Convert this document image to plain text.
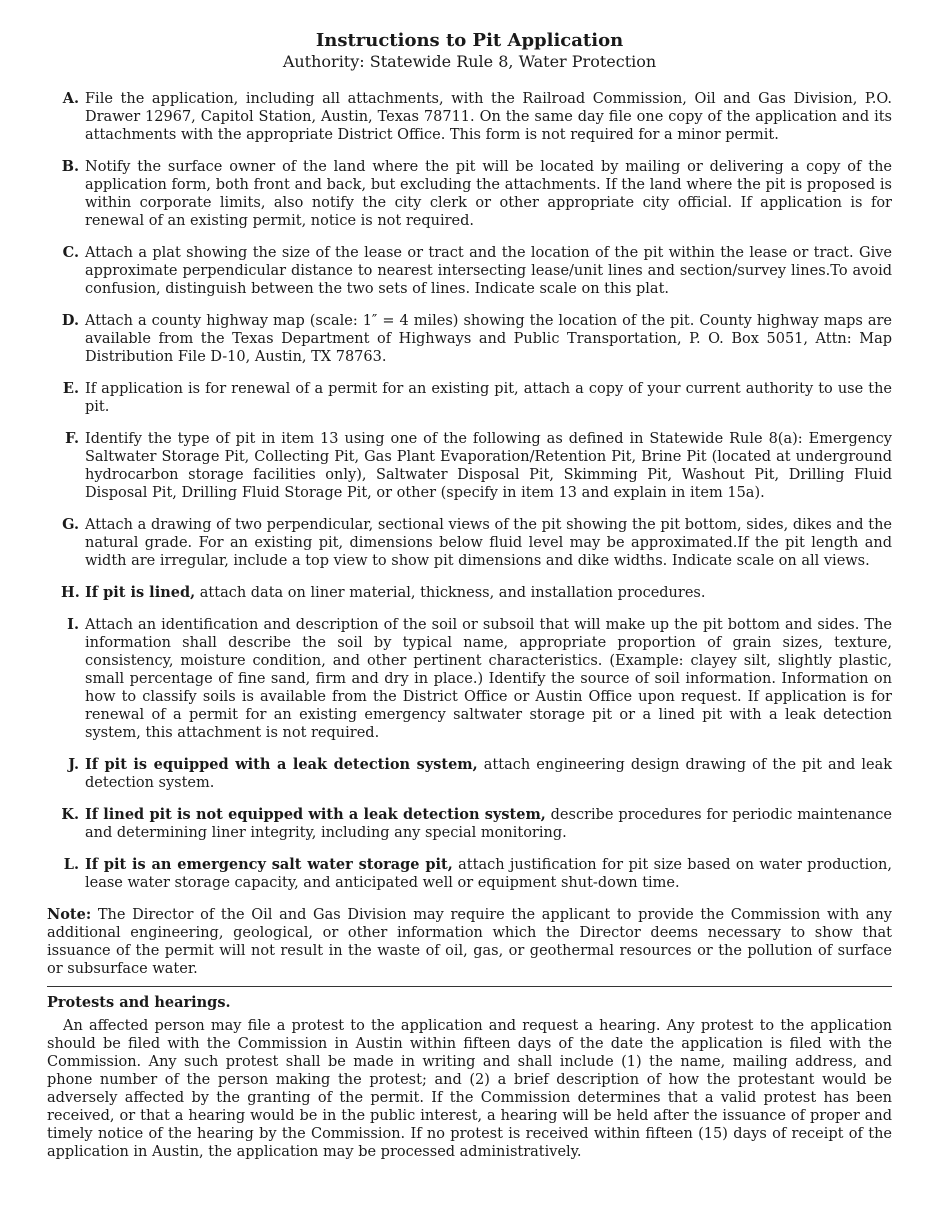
Instructions to Pit Application
Authority: Statewide Rule 8, Water Protection
A. File the application, including all attachments, with the Railroad Commission, Oil and Gas Division, P.O. Drawer 12967, Capitol Station, Austin, Texas 78711. On the same day file one copy of the application and its attachments with the appropriate District Office. This form is not required for a minor permit.
B. Notify the surface owner of the land where the pit will be located by mailing or delivering a copy of the application form, both front and back, but excluding the attachments. If the land where the pit is proposed is within corporate limits, also notify the city clerk or other appropriate city official. If application is for renewal of an existing permit, notice is not required.
C. Attach a plat showing the size of the lease or tract and the location of the pit within the lease or tract. Give approximate perpendicular distance to nearest intersecting lease/unit lines and section/survey lines.To avoid confusion, distinguish between the two sets of lines. Indicate scale on this plat.
D. Attach a county highway map (scale: 1″ = 4 miles) showing the location of the pit. County highway maps are available from the Texas Department of Highways and Public Transportation, P. O. Box 5051, Attn: Map Distribution File D-10, Austin, TX 78763.
E. If application is for renewal of a permit for an existing pit, attach a copy of your current authority to use the pit.
F. Identify the type of pit in item 13 using one of the following as defined in Statewide Rule 8(a): Emergency Saltwater Storage Pit, Collecting Pit, Gas Plant Evaporation/Retention Pit, Brine Pit (located at underground hydrocarbon storage facilities only), Saltwater Disposal Pit, Skimming Pit, Washout Pit, Drilling Fluid Disposal Pit, Drilling Fluid Storage Pit, or other (specify in item 13 and explain in item 15a).
G. Attach a drawing of two perpendicular, sectional views of the pit showing the pit bottom, sides, dikes and the natural grade. For an existing pit, dimensions below fluid level may be approximated.If the pit length and width are irregular, include a top view to show pit dimensions and dike widths. Indicate scale on all views.
H. If pit is lined, attach data on liner material, thickness, and installation procedures.
I. Attach an identification and description of the soil or subsoil that will make up the pit bottom and sides. The information shall describe the soil by typical name, appropriate proportion of grain sizes, texture, consistency, moisture condition, and other pertinent characteristics. (Example: clayey silt, slightly plastic, small percentage of fine sand, firm and dry in place.) Identify the source of soil information. Information on how to classify soils is available from the District Office or Austin Office upon request. If application is for renewal of a permit for an existing emergency saltwater storage pit or a lined pit with a leak detection system, this attachment is not required.
J. If pit is equipped with a leak detection system, attach engineering design drawing of the pit and leak detection system.
K. If lined pit is not equipped with a leak detection system, describe procedures for periodic maintenance and determining liner integrity, including any special monitoring.
L. If pit is an emergency salt water storage pit, attach justification for pit size based on water production, lease water storage capacity, and anticipated well or equipment shut-down time.

Note: The Director of the Oil and Gas Division may require the applicant to provide the Commission with any additional engineering, geological, or other information which the Director deems necessary to show that issuance of the permit will not result in the waste of oil, gas, or geothermal resources or the pollution of surface or subsurface water.

Protests and hearings.

An affected person may file a protest to the application and request a hearing. Any protest to the application should be filed with the Commission in Austin within fifteen days of the date the application is filed with the Commission. Any such protest shall be made in writing and shall include (1) the name, mailing address, and phone number of the person making the protest; and (2) a brief description of how the protestant would be adversely affected by the granting of the permit. If the Commission determines that a valid protest has been received, or that a hearing would be in the public interest, a hearing will be held after the issuance of proper and timely notice of the hearing by the Commission. If no protest is received within fifteen (15) days of receipt of the application in Austin, the application may be processed administratively.
